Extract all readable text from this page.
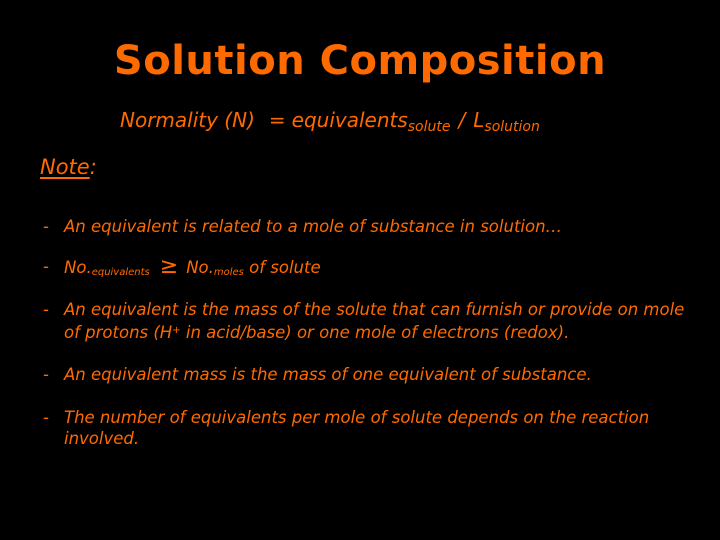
Solution Composition
Normality (N) = equivalents$_{solute}$ / $L_{solution}$
Note:
- An equivalent is related to a mole of substance in solution…
- $No._{equivalents} \ge No._{moles}$ of solute
- An equivalent is the mass of the solute that can furnish or provide on mole of protons (H+ in acid/base) or one mole of electrons (redox).
- An equivalent mass is the mass of one equivalent of substance.
- The number of equivalents per mole of solute depends on the reaction involved.
